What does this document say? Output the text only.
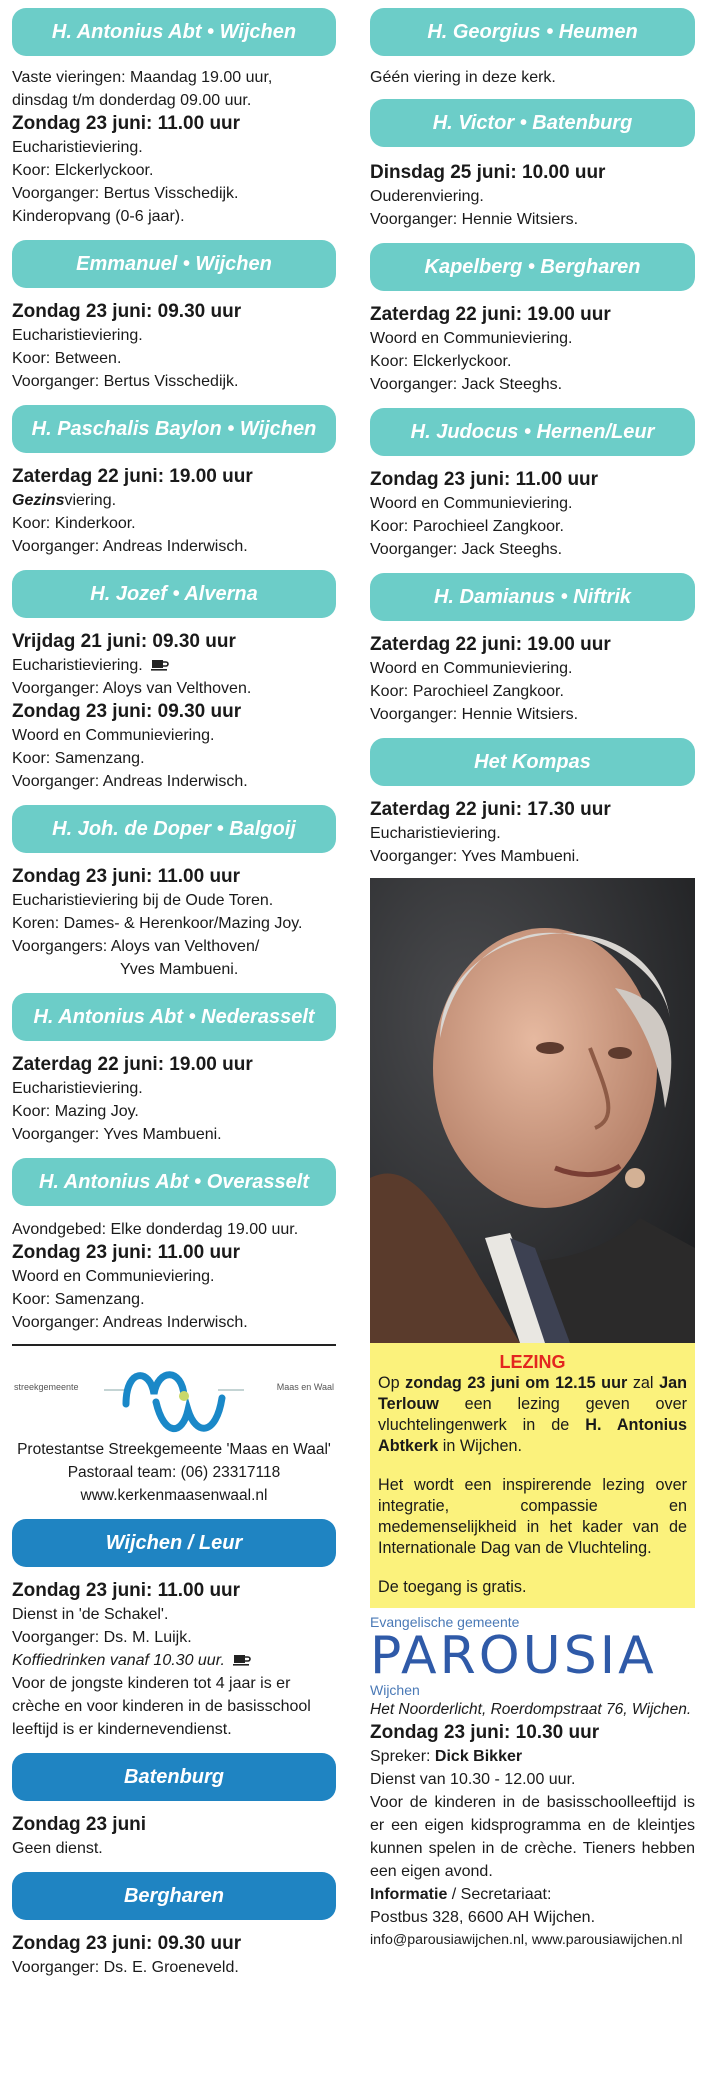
H. Antonius Abt • Wijchen
Vaste vieringen: Maandag 19.00 uur,
dinsdag t/m donderdag 09.00 uur.
Zondag 23 juni: 11.00 uur
Eucharistieviering.
Koor: Elckerlyckoor.
Voorganger: Bertus Visschedijk.
Kinderopvang (0-6 jaar).
Emmanuel • Wijchen
Zondag 23 juni: 09.30 uur
Eucharistieviering.
Koor: Between.
Voorganger: Bertus Visschedijk.
H. Paschalis Baylon • Wijchen
Zaterdag 22 juni: 19.00 uur
Gezinsviering.
Koor: Kinderkoor.
Voorganger: Andreas Inderwisch.
H. Jozef • Alverna
Vrijdag 21 juni: 09.30 uur
Eucharistieviering.
Voorganger: Aloys van Velthoven.
Zondag 23 juni: 09.30 uur
Woord en Communieviering.
Koor: Samenzang.
Voorganger: Andreas Inderwisch.
H. Joh. de Doper • Balgoij
Zondag 23 juni: 11.00 uur
Eucharistieviering bij de Oude Toren.
Koren: Dames- & Herenkoor/Mazing Joy.
Voorgangers: Aloys van Velthoven/
Yves Mambueni.
H. Antonius Abt • Nederasselt
Zaterdag 22 juni: 19.00 uur
Eucharistieviering.
Koor: Mazing Joy.
Voorganger: Yves Mambueni.
H. Antonius Abt • Overasselt
Avondgebed: Elke donderdag 19.00 uur.
Zondag 23 juni: 11.00 uur
Woord en Communieviering.
Koor: Samenzang.
Voorganger: Andreas Inderwisch.
streekgemeente	Maas en Waal
Protestantse Streekgemeente 'Maas en Waal'
Pastoraal team: (06) 23317118
www.kerkenmaasenwaal.nl
Wijchen / Leur
Zondag 23 juni: 11.00 uur
Dienst in 'de Schakel'.
Voorganger: Ds. M. Luijk.
Koffiedrinken vanaf 10.30 uur.
Voor de jongste kinderen tot 4 jaar is er
crèche en voor kinderen in de basisschool
leeftijd is er kindernevendienst.
Batenburg
Zondag 23 juni
Geen dienst.
Bergharen
Zondag 23 juni: 09.30 uur
Voorganger: Ds. E. Groeneveld.
H. Georgius • Heumen
Géén viering in deze kerk.
H. Victor • Batenburg
Dinsdag 25 juni: 10.00 uur
Ouderenviering.
Voorganger: Hennie Witsiers.
Kapelberg • Bergharen
Zaterdag 22 juni: 19.00 uur
Woord en Communieviering.
Koor: Elckerlyckoor.
Voorganger: Jack Steeghs.
H. Judocus • Hernen/Leur
Zondag 23 juni: 11.00 uur
Woord en Communieviering.
Koor: Parochieel Zangkoor.
Voorganger: Jack Steeghs.
H. Damianus • Niftrik
Zaterdag 22 juni: 19.00 uur
Woord en Communieviering.
Koor: Parochieel Zangkoor.
Voorganger: Hennie Witsiers.
Het Kompas
Zaterdag 22 juni: 17.30 uur
Eucharistieviering.
Voorganger: Yves Mambueni.
LEZING
Op zondag 23 juni om 12.15 uur zal Jan Terlouw een lezing geven over vluchtelingenwerk in de H. Antonius Abtkerk in Wijchen.
Het wordt een inspirerende lezing over integratie, compassie en medemenselijkheid in het kader van de Internationale Dag van de Vluchteling.
De toegang is gratis.
Evangelische gemeente
PAROUSIA
Wijchen
Het Noorderlicht, Roerdompstraat 76, Wijchen.
Zondag 23 juni: 10.30 uur
Spreker: Dick Bikker
Dienst van 10.30 - 12.00 uur.
Voor de kinderen in de basisschoolleeftijd is er een eigen kidsprogramma en de kleintjes kunnen spelen in de crèche. Tieners hebben een eigen avond.
Informatie / Secretariaat:
Postbus 328, 6600 AH Wijchen.
info@parousiawijchen.nl, www.parousiawijchen.nl
